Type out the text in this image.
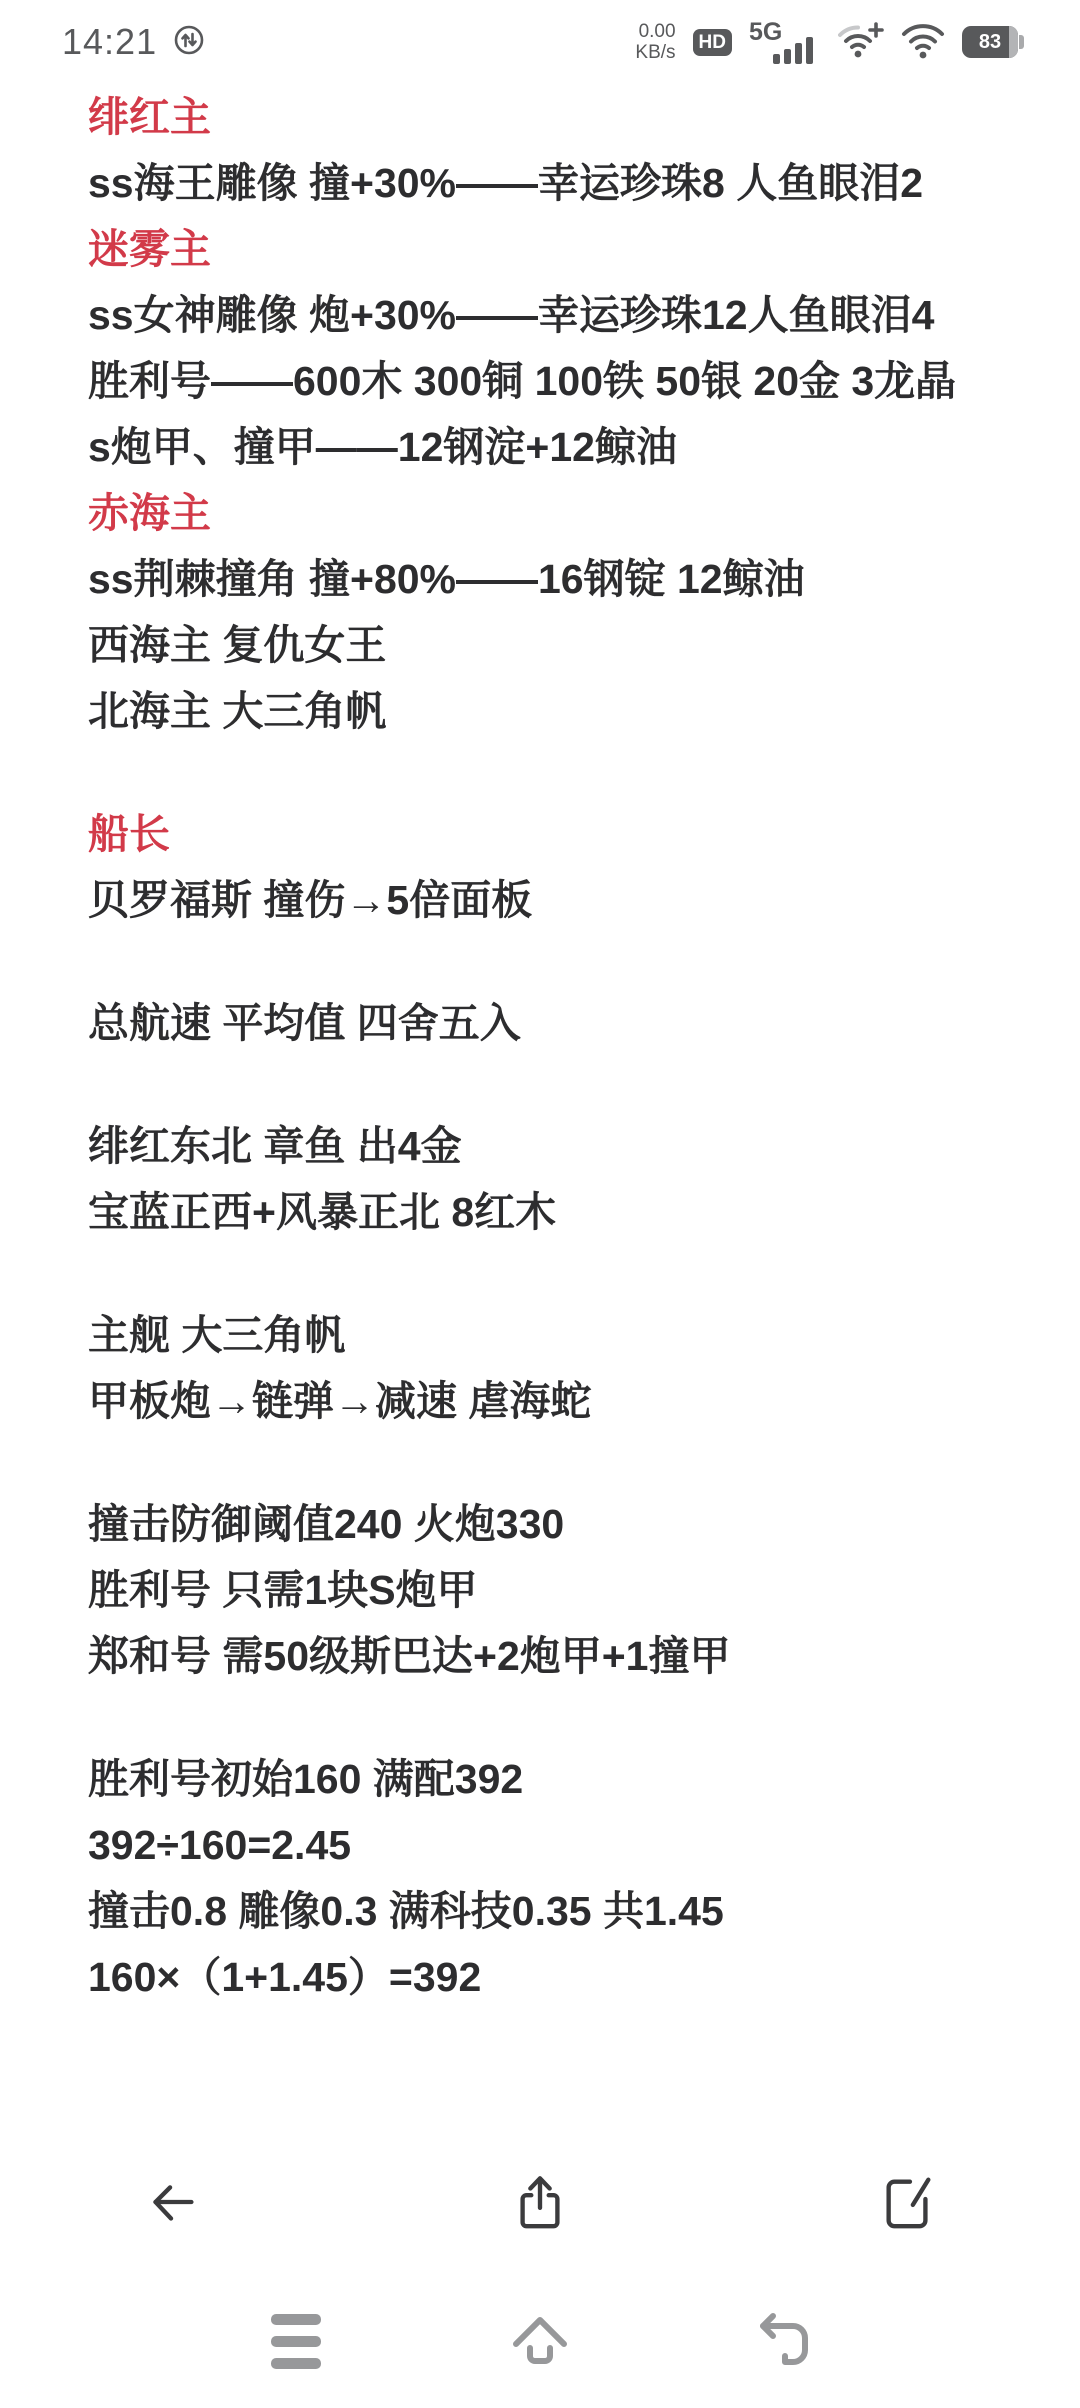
14:21	0.00
KB/s	HD 5G	83

绯红主

ss海王雕像 撞+30%——幸运珍珠8 人鱼眼泪2

迷雾主

ss女神雕像 炮+30%——幸运珍珠12人鱼眼泪4

胜利号——600木 300铜 100铁 50银 20金 3龙晶

s炮甲、撞甲——12钢淀+12鲸油

赤海主

ss荆棘撞角 撞+80%——16钢锭 12鲸油

西海主 复仇女王

北海主 大三角帆

船长

贝罗福斯 撞伤→5倍面板

总航速 平均值 四舍五入

绯红东北 章鱼 出4金

宝蓝正西+风暴正北 8红木

主舰 大三角帆

甲板炮→链弹→减速 虐海蛇

撞击防御阈值240 火炮330

胜利号 只需1块S炮甲

郑和号 需50级斯巴达+2炮甲+1撞甲

胜利号初始160 满配392

392÷160=2.45

撞击0.8 雕像0.3 满科技0.35 共1.45

160×（1+1.45）=392
